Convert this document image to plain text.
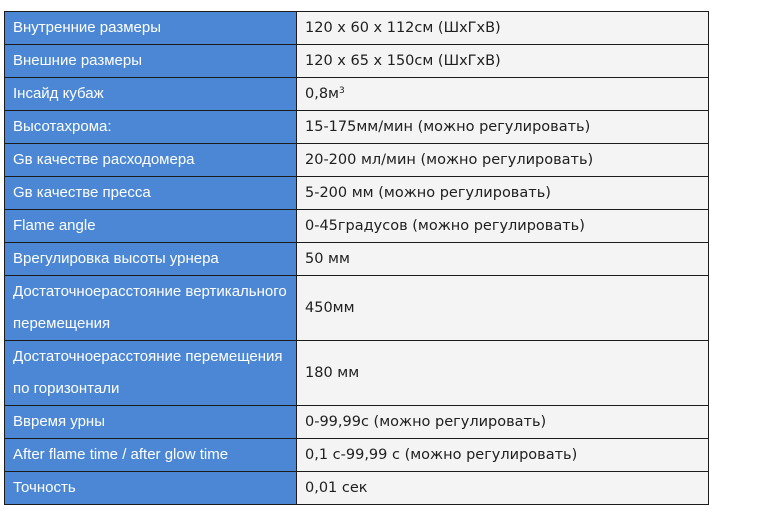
Внутренние размеры	120 x 60 x 112см (ШхГхВ)
Внешние размеры	120 x 65 x 150см (ШхГхВ)
Інсайд кубаж	$0,8м^3$
Высотахрома:	15-175мм/мин (можно регулировать)
Gв качестве расходомера	20-200 мл/мин (можно регулировать)
Gв качестве пресса	5-200 мм (можно регулировать)
Flame angle	0-45градусов (можно регулировать)
Врегулировка высоты урнера	50 мм
Достаточноерасстояние вертикального перемещения	450мм
Достаточноерасстояние перемещения по горизонтали	180 мм
Ввремя урны	0-99,99с (можно регулировать)
After flame time / after glow time	0,1 с-99,99 с (можно регулировать)
Точность	0,01 сек
